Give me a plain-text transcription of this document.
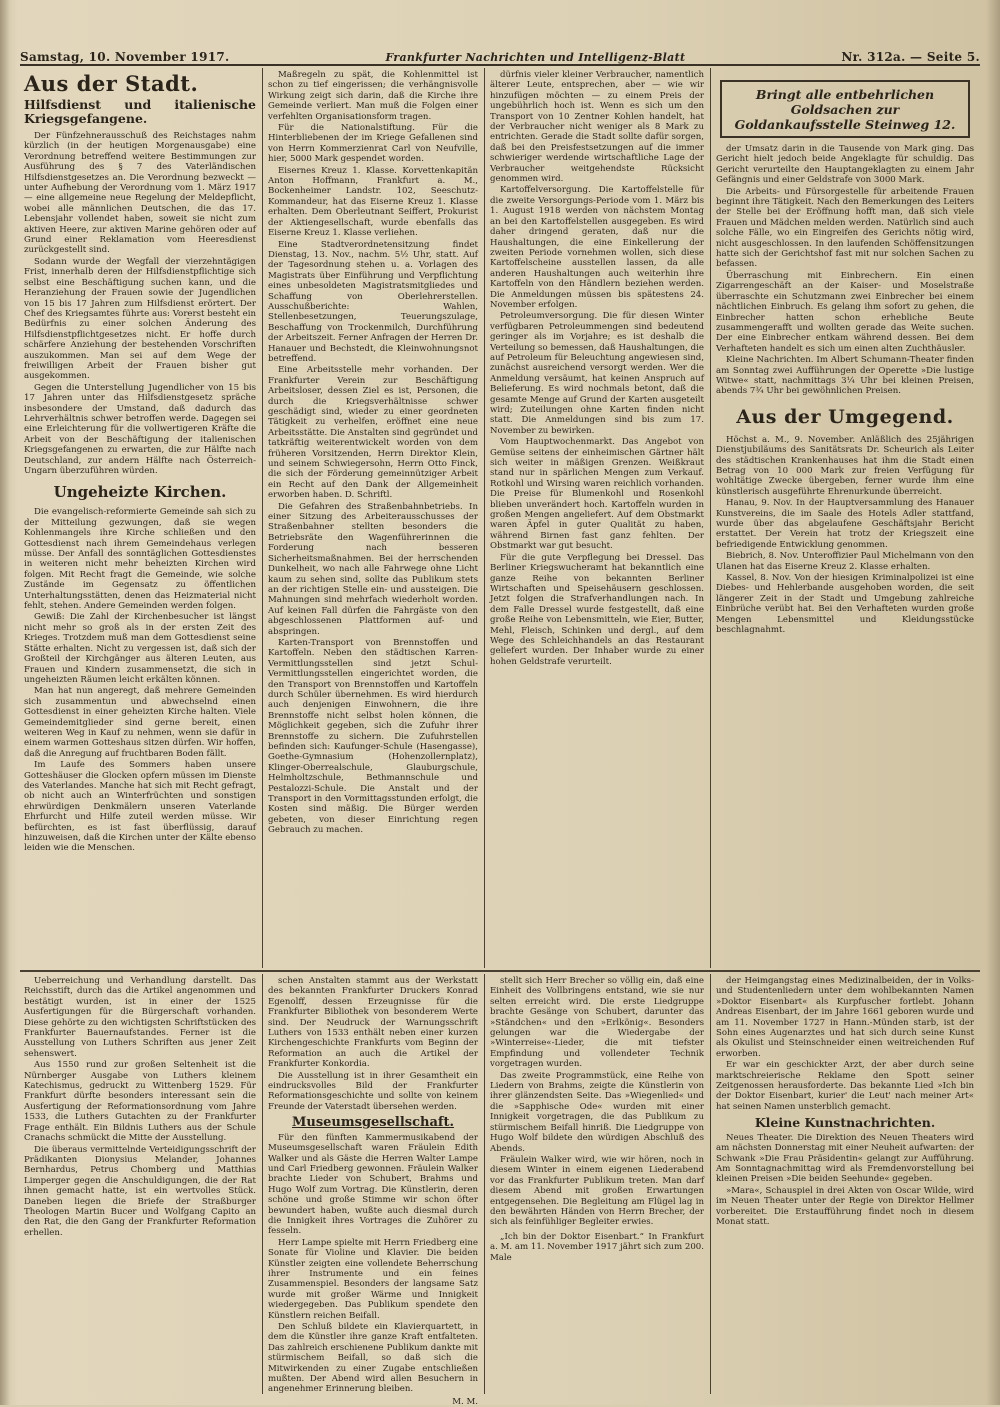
Samstag, 10. November 1917.	Frankfurter Nachrichten und Intelligenz-Blatt	Nr. 312a. — Seite 5.
Bringt alle entbehrlichen Goldsachen zur Goldankaufsstelle Steinweg 12.
Aus der Stadt.
Hilfsdienst und italienische Kriegsgefangene.

Der Fünfzehnerausschuß des Reichstages nahm kürzlich (in der heutigen Morgenausgabe) eine Verordnung betreffend weitere Bestimmungen zur Ausführung des § 7 des Vaterländischen Hilfsdienstgesetzes an. Die Verordnung bezweckt — unter Aufhebung der Verordnung vom 1. März 1917 — eine allgemeine neue Regelung der Meldepflicht, wobei alle männlichen Deutschen, die das 17. Lebensjahr vollendet haben, soweit sie nicht zum aktiven Heere, zur aktiven Marine gehören oder auf Grund einer Reklamation vom Heeresdienst zurückgestellt sind.

Sodann wurde der Wegfall der vierzehntägigen Frist, innerhalb deren der Hilfsdienstpflichtige sich selbst eine Beschäftigung suchen kann, und die Heranziehung der Frauen sowie der Jugendlichen von 15 bis 17 Jahren zum Hilfsdienst erörtert. Der Chef des Kriegsamtes führte aus: Vorerst besteht ein Bedürfnis zu einer solchen Änderung des Hilfsdienstpflichtgesetzes nicht. Er hoffe durch schärfere Anziehung der bestehenden Vorschriften auszukommen. Man sei auf dem Wege der freiwilligen Arbeit der Frauen bisher gut ausgekommen.

Gegen die Unterstellung Jugendlicher von 15 bis 17 Jahren unter das Hilfsdienstgesetz spräche insbesondere der Umstand, daß dadurch das Lehrverhältnis schwer betroffen werde. Dagegen sei eine Erleichterung für die vollwertigeren Kräfte die Arbeit von der Beschäftigung der italienischen Kriegsgefangenen zu erwarten, die zur Hälfte nach Deutschland, zur andern Hälfte nach Österreich-Ungarn überzuführen würden.

Ungeheizte Kirchen.

Die evangelisch-reformierte Gemeinde sah sich zu der Mitteilung gezwungen, daß sie wegen Kohlenmangels ihre Kirche schließen und den Gottesdienst nach ihrem Gemeindehaus verlegen müsse. Der Anfall des sonntäglichen Gottesdienstes in weiteren nicht mehr beheizten Kirchen wird folgen. Mit Recht fragt die Gemeinde, wie solche Zustände im Gegensatz zu öffentlichen Unterhaltungsstätten, denen das Heizmaterial nicht fehlt, stehen. Andere Gemeinden werden folgen.

Gewiß: Die Zahl der Kirchenbesucher ist längst nicht mehr so groß als in der ersten Zeit des Krieges. Trotzdem muß man dem Gottesdienst seine Stätte erhalten. Nicht zu vergessen ist, daß sich der Großteil der Kirchgänger aus älteren Leuten, aus Frauen und Kindern zusammensetzt, die sich in ungeheizten Räumen leicht erkälten können.

Man hat nun angeregt, daß mehrere Gemeinden sich zusammentun und abwechselnd einen Gottesdienst in einer geheizten Kirche halten. Viele Gemeindemitglieder sind gerne bereit, einen weiteren Weg in Kauf zu nehmen, wenn sie dafür in einem warmen Gotteshaus sitzen dürfen. Wir hoffen, daß die Anregung auf fruchtbaren Boden fällt.

Im Laufe des Sommers haben unsere Gotteshäuser die Glocken opfern müssen im Dienste des Vaterlandes. Manche hat sich mit Recht gefragt, ob nicht auch an Winterfrüchten und sonstigen ehrwürdigen Denkmälern unseren Vaterlande Ehrfurcht und Hilfe zuteil werden müsse. Wir befürchten, es ist fast überflüssig, darauf hinzuweisen, daß die Kirchen unter der Kälte ebenso leiden wie die Menschen.

Maßregeln zu spät, die Kohlenmittel ist schon zu tief eingerissen; die verhängnisvolle Wirkung zeigt sich darin, daß die Kirche ihre Gemeinde verliert. Man muß die Folgen einer verfehlten Organisationsform tragen.

Für die Nationalstiftung. Für die Hinterbliebenen der im Kriege Gefallenen sind von Herrn Kommerzienrat Carl von Neufville, hier, 5000 Mark gespendet worden.

Eisernes Kreuz 1. Klasse. Korvettenkapitän Anton Hoffmann, Frankfurt a. M., Bockenheimer Landstr. 102, Seeschutz-Kommandeur, hat das Eiserne Kreuz 1. Klasse erhalten. Dem Oberleutnant Seiffert, Prokurist der Aktiengesellschaft, wurde ebenfalls das Eiserne Kreuz 1. Klasse verliehen.

Eine Stadtverordnetensitzung findet Dienstag, 13. Nov., nachm. 5½ Uhr, statt. Auf der Tagesordnung stehen u. a. Vorlagen des Magistrats über Einführung und Verpflichtung eines unbesoldeten Magistratsmitgliedes und Schaffung von Oberlehrerstellen. Ausschußberichte: Wahlen, Stellenbesetzungen, Teuerungszulage, Beschaffung von Trockenmilch, Durchführung der Arbeitszeit. Ferner Anfragen der Herren Dr. Hanauer und Bechstedt, die Kleinwohnungsnot betreffend.

Eine Arbeitsstelle mehr vorhanden. Der Frankfurter Verein zur Beschäftigung Arbeitsloser, dessen Ziel es ist, Personen, die durch die Kriegsverhältnisse schwer geschädigt sind, wieder zu einer geordneten Tätigkeit zu verhelfen, eröffnet eine neue Arbeitsstätte. Die Anstalten sind gegründet und tatkräftig weiterentwickelt worden von dem früheren Vorsitzenden, Herrn Direktor Klein, und seinem Schwiegersohn, Herrn Otto Finck, die sich der Förderung gemeinnütziger Arbeit ein Recht auf den Dank der Allgemeinheit erworben haben. D. Schriftl.

Die Gefahren des Straßenbahnbetriebs. In einer Sitzung des Arbeiterausschusses der Straßenbahner stellten besonders die Betriebsräte den Wagenführerinnen die Forderung nach besseren Sicherheitsmaßnahmen. Bei der herrschenden Dunkelheit, wo nach alle Fahrwege ohne Licht kaum zu sehen sind, sollte das Publikum stets an der richtigen Stelle ein- und aussteigen. Die Mahnungen sind mehrfach wiederholt worden. Auf keinen Fall dürfen die Fahrgäste von den abgeschlossenen Plattformen auf- und abspringen.

Karten-Transport von Brennstoffen und Kartoffeln. Neben den städtischen Karren-Vermittlungsstellen sind jetzt Schul-Vermittlungsstellen eingerichtet worden, die den Transport von Brennstoffen und Kartoffeln durch Schüler übernehmen. Es wird hierdurch auch denjenigen Einwohnern, die ihre Brennstoffe nicht selbst holen können, die Möglichkeit gegeben, sich die Zufuhr ihrer Brennstoffe zu sichern. Die Zufuhrstellen befinden sich: Kaufunger-Schule (Hasengasse), Goethe-Gymnasium (Hohenzollernplatz), Klinger-Oberrealschule, Glauburgschule, Helmholtzschule, Bethmannschule und Pestalozzi-Schule. Die Anstalt und der Transport in den Vormittagsstunden erfolgt, die Kosten sind mäßig. Die Bürger werden gebeten, von dieser Einrichtung regen Gebrauch zu machen.

dürfnis vieler kleiner Verbraucher, namentlich älterer Leute, entsprechen, aber — wie wir hinzufügen möchten — zu einem Preis der ungebührlich hoch ist. Wenn es sich um den Transport von 10 Zentner Kohlen handelt, hat der Verbraucher nicht weniger als 8 Mark zu entrichten. Gerade die Stadt sollte dafür sorgen, daß bei den Preisfestsetzungen auf die immer schwieriger werdende wirtschaftliche Lage der Verbraucher weitgehendste Rücksicht genommen wird.

Kartoffelversorgung. Die Kartoffelstelle für die zweite Versorgungs-Periode vom 1. März bis 1. August 1918 werden von nächstem Montag an bei den Kartoffelstellen ausgegeben. Es wird daher dringend geraten, daß nur die Haushaltungen, die eine Einkellerung der zweiten Periode vornehmen wollen, sich diese Kartoffelscheine ausstellen lassen, da alle anderen Haushaltungen auch weiterhin ihre Kartoffeln von den Händlern beziehen werden. Die Anmeldungen müssen bis spätestens 24. November erfolgen.

Petroleumversorgung. Die für diesen Winter verfügbaren Petroleummengen sind bedeutend geringer als im Vorjahre; es ist deshalb die Verteilung so bemessen, daß Haushaltungen, die auf Petroleum für Beleuchtung angewiesen sind, zunächst ausreichend versorgt werden. Wer die Anmeldung versäumt, hat keinen Anspruch auf Belieferung. Es wird nochmals betont, daß die gesamte Menge auf Grund der Karten ausgeteilt wird; Zuteilungen ohne Karten finden nicht statt. Die Anmeldungen sind bis zum 17. November zu bewirken.

Vom Hauptwochenmarkt. Das Angebot von Gemüse seitens der einheimischen Gärtner hält sich weiter in mäßigen Grenzen. Weißkraut stand nur in spärlichen Mengen zum Verkauf. Rotkohl und Wirsing waren reichlich vorhanden. Die Preise für Blumenkohl und Rosenkohl blieben unverändert hoch. Kartoffeln wurden in großen Mengen angeliefert. Auf dem Obstmarkt waren Äpfel in guter Qualität zu haben, während Birnen fast ganz fehlten. Der Obstmarkt war gut besucht.

Für die gute Verpflegung bei Dressel. Das Berliner Kriegswucheramt hat bekanntlich eine ganze Reihe von bekannten Berliner Wirtschaften und Speisehäusern geschlossen. Jetzt folgen die Strafverhandlungen nach. In dem Falle Dressel wurde festgestellt, daß eine große Reihe von Lebensmitteln, wie Eier, Butter, Mehl, Fleisch, Schinken und dergl., auf dem Wege des Schleichhandels an das Restaurant geliefert wurden. Der Inhaber wurde zu einer hohen Geldstrafe verurteilt.

der Umsatz darin in die Tausende von Mark ging. Das Gericht hielt jedoch beide Angeklagte für schuldig. Das Gericht verurteilte den Hauptangeklagten zu einem Jahr Gefängnis und einer Geldstrafe von 3000 Mark.

Die Arbeits- und Fürsorgestelle für arbeitende Frauen beginnt ihre Tätigkeit. Nach den Bemerkungen des Leiters der Stelle bei der Eröffnung hofft man, daß sich viele Frauen und Mädchen melden werden. Natürlich sind auch solche Fälle, wo ein Eingreifen des Gerichts nötig wird, nicht ausgeschlossen. In den laufenden Schöffensitzungen hatte sich der Gerichtshof fast mit nur solchen Sachen zu befassen.

Überraschung mit Einbrechern. Ein einen Zigarrengeschäft an der Kaiser- und Moselstraße überraschte ein Schutzmann zwei Einbrecher bei einem nächtlichen Einbruch. Es gelang ihm sofort zu gehen, die Einbrecher hatten schon erhebliche Beute zusammengerafft und wollten gerade das Weite suchen. Der eine Einbrecher entkam während dessen. Bei dem Verhafteten handelt es sich um einen alten Zuchthäusler.

Kleine Nachrichten. Im Albert Schumann-Theater finden am Sonntag zwei Aufführungen der Operette »Die lustige Witwe« statt, nachmittags 3¼ Uhr bei kleinen Preisen, abends 7¾ Uhr bei gewöhnlichen Preisen.

Aus der Umgegend.

Höchst a. M., 9. November. Anläßlich des 25jährigen Dienstjubiläums des Sanitätsrats Dr. Scheurich als Leiter des städtischen Krankenhauses hat ihm die Stadt einen Betrag von 10 000 Mark zur freien Verfügung für wohltätige Zwecke übergeben, ferner wurde ihm eine künstlerisch ausgeführte Ehrenurkunde überreicht.

Hanau, 9. Nov. In der Hauptversammlung des Hanauer Kunstvereins, die im Saale des Hotels Adler stattfand, wurde über das abgelaufene Geschäftsjahr Bericht erstattet. Der Verein hat trotz der Kriegszeit eine befriedigende Entwicklung genommen.

Biebrich, 8. Nov. Unteroffizier Paul Michelmann von den Ulanen hat das Eiserne Kreuz 2. Klasse erhalten.

Kassel, 8. Nov. Von der hiesigen Kriminalpolizei ist eine Diebes- und Hehlerbande ausgehoben worden, die seit längerer Zeit in der Stadt und Umgebung zahlreiche Einbrüche verübt hat. Bei den Verhafteten wurden große Mengen Lebensmittel und Kleidungsstücke beschlagnahmt.

Ueberreichung und Verhandlung darstellt. Das Reichsstift, durch das die Artikel angenommen und bestätigt wurden, ist in einer der 1525 Ausfertigungen für die Bürgerschaft vorhanden. Diese gehörte zu den wichtigsten Schriftstücken des Frankfurter Bauernaufstandes. Ferner ist die Ausstellung von Luthers Schriften aus jener Zeit sehenswert.

Aus 1550 rund zur großen Seltenheit ist die Nürnberger Ausgabe von Luthers kleinem Katechismus, gedruckt zu Wittenberg 1529. Für Frankfurt dürfte besonders interessant sein die Ausfertigung der Reformationsordnung vom Jahre 1533, die Luthers Gutachten zu der Frankfurter Frage enthält. Ein Bildnis Luthers aus der Schule Cranachs schmückt die Mitte der Ausstellung.

Die überaus vermittelnde Verteidigungsschrift der Prädikanten Dionysius Melander, Johannes Bernhardus, Petrus Chomberg und Matthias Limperger gegen die Anschuldigungen, die der Rat ihnen gemacht hatte, ist ein wertvolles Stück. Daneben liegen die Briefe der Straßburger Theologen Martin Bucer und Wolfgang Capito an den Rat, die den Gang der Frankfurter Reformation erhellen.

schen Anstalten stammt aus der Werkstatt des bekannten Frankfurter Druckers Konrad Egenolff, dessen Erzeugnisse für die Frankfurter Bibliothek von besonderem Werte sind. Der Neudruck der Warnungsschrift Luthers von 1533 enthält neben einer kurzen Kirchengeschichte Frankfurts vom Beginn der Reformation an auch die Artikel der Frankfurter Konkordia.

Die Ausstellung ist in ihrer Gesamtheit ein eindrucksvolles Bild der Frankfurter Reformationsgeschichte und sollte von keinem Freunde der Vaterstadt übersehen werden.

Museumsgesellschaft.

Für den fünften Kammermusikabend der Museumsgesellschaft waren Fräulein Edith Walker und als Gäste die Herren Walter Lampe und Carl Friedberg gewonnen. Fräulein Walker brachte Lieder von Schubert, Brahms und Hugo Wolf zum Vortrag. Die Künstlerin, deren schöne und große Stimme wir schon öfter bewundert haben, wußte auch diesmal durch die Innigkeit ihres Vortrages die Zuhörer zu fesseln.

Herr Lampe spielte mit Herrn Friedberg eine Sonate für Violine und Klavier. Die beiden Künstler zeigten eine vollendete Beherrschung ihrer Instrumente und ein feines Zusammenspiel. Besonders der langsame Satz wurde mit großer Wärme und Innigkeit wiedergegeben. Das Publikum spendete den Künstlern reichen Beifall.

Den Schluß bildete ein Klavierquartett, in dem die Künstler ihre ganze Kraft entfalteten. Das zahlreich erschienene Publikum dankte mit stürmischem Beifall, so daß sich die Mitwirkenden zu einer Zugabe entschließen mußten. Der Abend wird allen Besuchern in angenehmer Erinnerung bleiben.

M. M.

stellt sich Herr Brecher so völlig ein, daß eine Einheit des Vollbringens entstand, wie sie nur selten erreicht wird. Die erste Liedgruppe brachte Gesänge von Schubert, darunter das »Ständchen« und den »Erlkönig«. Besonders gelungen war die Wiedergabe der »Winterreise«-Lieder, die mit tiefster Empfindung und vollendeter Technik vorgetragen wurden.

Das zweite Programmstück, eine Reihe von Liedern von Brahms, zeigte die Künstlerin von ihrer glänzendsten Seite. Das »Wiegenlied« und die »Sapphische Ode« wurden mit einer Innigkeit vorgetragen, die das Publikum zu stürmischem Beifall hinriß. Die Liedgruppe von Hugo Wolf bildete den würdigen Abschluß des Abends.

Fräulein Walker wird, wie wir hören, noch in diesem Winter in einem eigenen Liederabend vor das Frankfurter Publikum treten. Man darf diesem Abend mit großen Erwartungen entgegensehen. Die Begleitung am Flügel lag in den bewährten Händen von Herrn Brecher, der sich als feinfühliger Begleiter erwies.

„Ich bin der Doktor Eisenbart.“ In Frankfurt a. M. am 11. November 1917 jährt sich zum 200. Male

der Heimgangstag eines Medizinalbeiden, der in Volks- und Studentenliedern unter dem wohlbekannten Namen »Doktor Eisenbart« als Kurpfuscher fortlebt. Johann Andreas Eisenbart, der im Jahre 1661 geboren wurde und am 11. November 1727 in Hann.-Münden starb, ist der Sohn eines Augenarztes und hat sich durch seine Kunst als Okulist und Steinschneider einen weitreichenden Ruf erworben.

Er war ein geschickter Arzt, der aber durch seine marktschreierische Reklame den Spott seiner Zeitgenossen herausforderte. Das bekannte Lied »Ich bin der Doktor Eisenbart, kurier' die Leut' nach meiner Art« hat seinen Namen unsterblich gemacht.

Kleine Kunstnachrichten.

Neues Theater. Die Direktion des Neuen Theaters wird am nächsten Donnerstag mit einer Neuheit aufwarten: der Schwank »Die Frau Präsidentin« gelangt zur Aufführung. Am Sonntagnachmittag wird als Fremdenvorstellung bei kleinen Preisen »Die beiden Seehunde« gegeben.

»Mara«, Schauspiel in drei Akten von Oscar Wilde, wird im Neuen Theater unter der Regie von Direktor Hellmer vorbereitet. Die Erstaufführung findet noch in diesem Monat statt.
